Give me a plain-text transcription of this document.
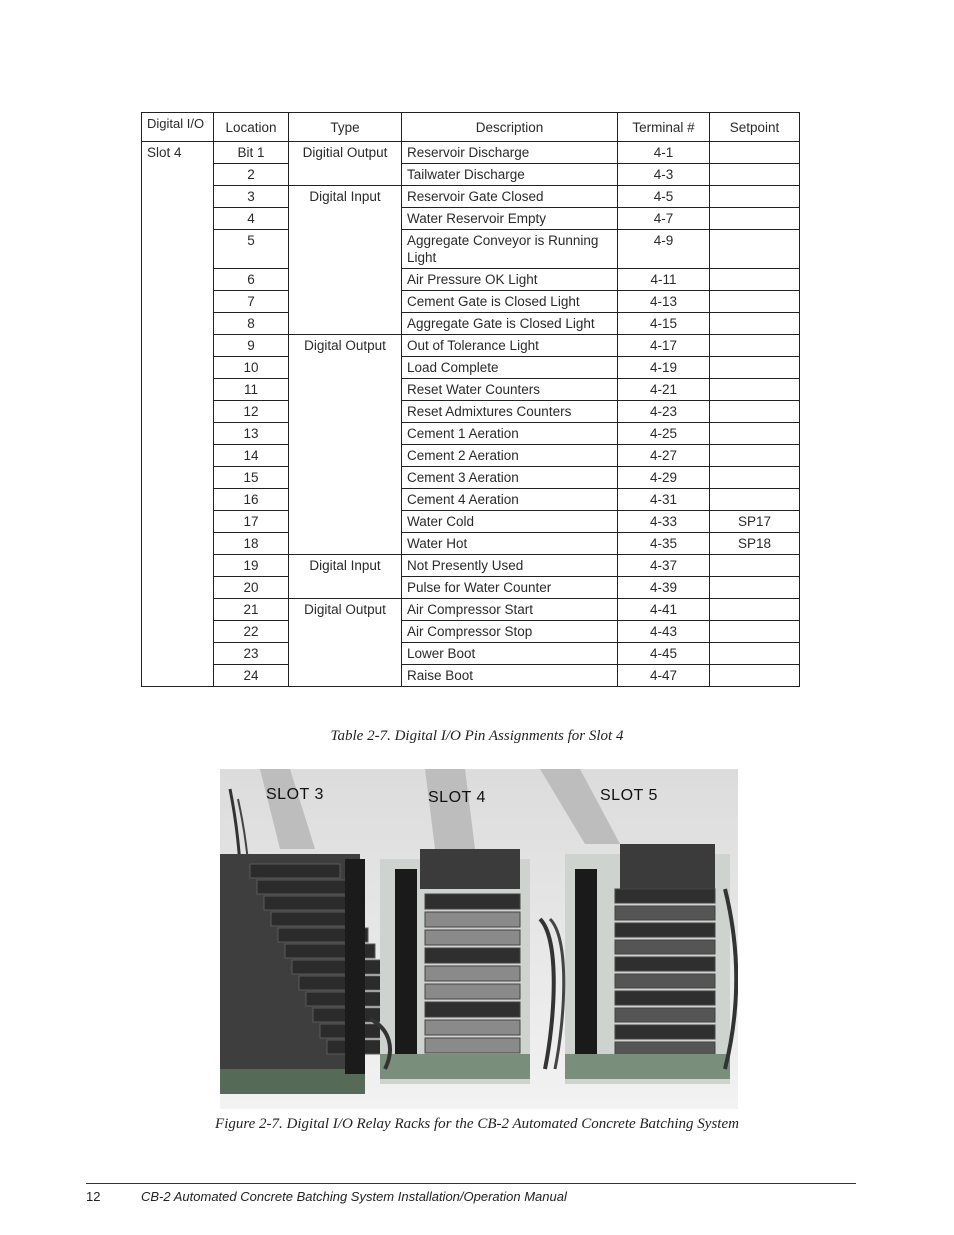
Digital I/O	Location	Type	Description	Terminal #	Setpoint
Slot 4	Bit 1	Digitial Output	Reservoir Discharge	4-1	
	2		Tailwater Discharge	4-3	
	3	Digital Input	Reservoir Gate Closed	4-5	
	4		Water Reservoir Empty	4-7	
	5		Aggregate Conveyor is Running Light	4-9	
	6		Air Pressure OK Light	4-11	
	7		Cement Gate is Closed Light	4-13	
	8		Aggregate Gate is Closed Light	4-15	
	9	Digital Output	Out of Tolerance Light	4-17	
	10		Load Complete	4-19	
	11		Reset Water Counters	4-21	
	12		Reset Admixtures Counters	4-23	
	13		Cement 1 Aeration	4-25	
	14		Cement 2 Aeration	4-27	
	15		Cement 3 Aeration	4-29	
	16		Cement 4 Aeration	4-31	
	17		Water Cold	4-33	SP17
	18		Water Hot	4-35	SP18
	19	Digital Input	Not Presently Used	4-37	
	20		Pulse for Water Counter	4-39	
	21	Digital Output	Air Compressor Start	4-41	
	22		Air Compressor Stop	4-43	
	23		Lower Boot	4-45	
	24		Raise Boot	4-47	
Table 2-7. Digital I/O Pin Assignments for Slot 4
SLOT 3	SLOT 4	SLOT 5
Figure 2-7. Digital I/O Relay Racks for the CB-2 Automated Concrete Batching System
12	CB-2 Automated Concrete Batching System Installation/Operation Manual
